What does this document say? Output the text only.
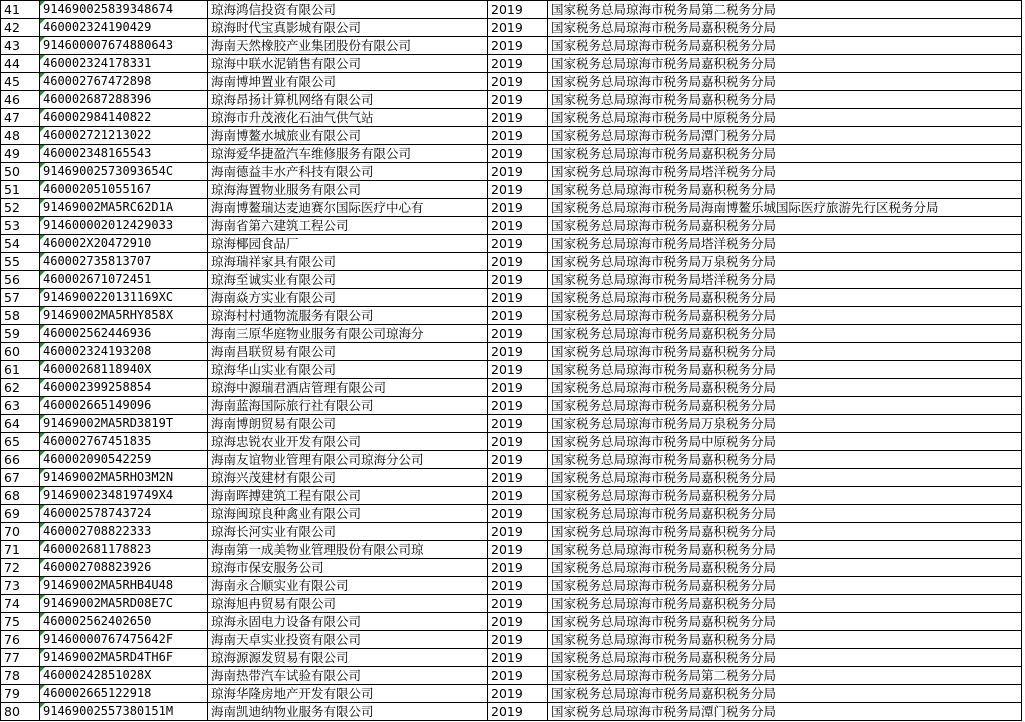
41	914690025839348674	琼海鸿信投资有限公司	2019	国家税务总局琼海市税务局第二税务分局
42	460002324190429	琼海时代宝真影城有限公司	2019	国家税务总局琼海市税务局嘉积税务分局
43	914600007674880643	海南天然橡胶产业集团股份有限公司	2019	国家税务总局琼海市税务局嘉积税务分局
44	460002324178331	琼海中联水泥销售有限公司	2019	国家税务总局琼海市税务局嘉积税务分局
45	460002767472898	海南博坤置业有限公司	2019	国家税务总局琼海市税务局嘉积税务分局
46	460002687288396	琼海昂扬计算机网络有限公司	2019	国家税务总局琼海市税务局嘉积税务分局
47	460002984140822	琼海市升茂液化石油气供气站	2019	国家税务总局琼海市税务局中原税务分局
48	460002721213022	海南博鳌水城旅业有限公司	2019	国家税务总局琼海市税务局潭门税务分局
49	460002348165543	琼海爱华捷盈汽车维修服务有限公司	2019	国家税务总局琼海市税务局嘉积税务分局
50	91469002573093654C	海南德益丰水产科技有限公司	2019	国家税务总局琼海市税务局塔洋税务分局
51	460002051055167	琼海海置物业服务有限公司	2019	国家税务总局琼海市税务局嘉积税务分局
52	91469002MA5RC62D1A	海南博鳌瑞达麦迪赛尔国际医疗中心有	2019	国家税务总局琼海市税务局海南博鳌乐城国际医疗旅游先行区税务分局
53	914600002012429033	海南省第六建筑工程公司	2019	国家税务总局琼海市税务局嘉积税务分局
54	460002X20472910	琼海椰园食品厂	2019	国家税务总局琼海市税务局塔洋税务分局
55	460002735813707	琼海瑞祥家具有限公司	2019	国家税务总局琼海市税务局万泉税务分局
56	460002671072451	琼海至诚实业有限公司	2019	国家税务总局琼海市税务局塔洋税务分局
57	9146900220131169XC	海南焱方实业有限公司	2019	国家税务总局琼海市税务局嘉积税务分局
58	91469002MA5RHY858X	琼海村村通物流服务有限公司	2019	国家税务总局琼海市税务局嘉积税务分局
59	460002562446936	海南三原华庭物业服务有限公司琼海分	2019	国家税务总局琼海市税务局嘉积税务分局
60	460002324193208	海南昌联贸易有限公司	2019	国家税务总局琼海市税务局嘉积税务分局
61	46000268118940X	琼海华山实业有限公司	2019	国家税务总局琼海市税务局嘉积税务分局
62	460002399258854	琼海中源瑞君酒店管理有限公司	2019	国家税务总局琼海市税务局嘉积税务分局
63	460002665149096	海南蓝海国际旅行社有限公司	2019	国家税务总局琼海市税务局嘉积税务分局
64	91469002MA5RD3819T	海南博朗贸易有限公司	2019	国家税务总局琼海市税务局万泉税务分局
65	460002767451835	琼海忠锐农业开发有限公司	2019	国家税务总局琼海市税务局中原税务分局
66	460002090542259	海南友谊物业管理有限公司琼海分公司	2019	国家税务总局琼海市税务局嘉积税务分局
67	91469002MA5RHO3M2N	琼海兴茂建材有限公司	2019	国家税务总局琼海市税务局嘉积税务分局
68	9146900234819749X4	海南晖搏建筑工程有限公司	2019	国家税务总局琼海市税务局嘉积税务分局
69	460002578743724	琼海闽琼良种禽业有限公司	2019	国家税务总局琼海市税务局嘉积税务分局
70	460002708822333	琼海长河实业有限公司	2019	国家税务总局琼海市税务局嘉积税务分局
71	460002681178823	海南第一成美物业管理股份有限公司琼	2019	国家税务总局琼海市税务局嘉积税务分局
72	460002708823926	琼海市保安服务公司	2019	国家税务总局琼海市税务局嘉积税务分局
73	91469002MA5RHB4U48	海南永合顺实业有限公司	2019	国家税务总局琼海市税务局嘉积税务分局
74	91469002MA5RD08E7C	琼海旭冉贸易有限公司	2019	国家税务总局琼海市税务局嘉积税务分局
75	460002562402650	琼海永固电力设备有限公司	2019	国家税务总局琼海市税务局嘉积税务分局
76	91460000767475642F	海南天卓实业投资有限公司	2019	国家税务总局琼海市税务局嘉积税务分局
77	91469002MA5RD4TH6F	琼海源源发贸易有限公司	2019	国家税务总局琼海市税务局嘉积税务分局
78	46000242851028X	海南热带汽车试验有限公司	2019	国家税务总局琼海市税务局第二税务分局
79	460002665122918	琼海华隆房地产开发有限公司	2019	国家税务总局琼海市税务局嘉积税务分局
80	91469002557380151M	海南凯迪纳物业服务有限公司	2019	国家税务总局琼海市税务局潭门税务分局
